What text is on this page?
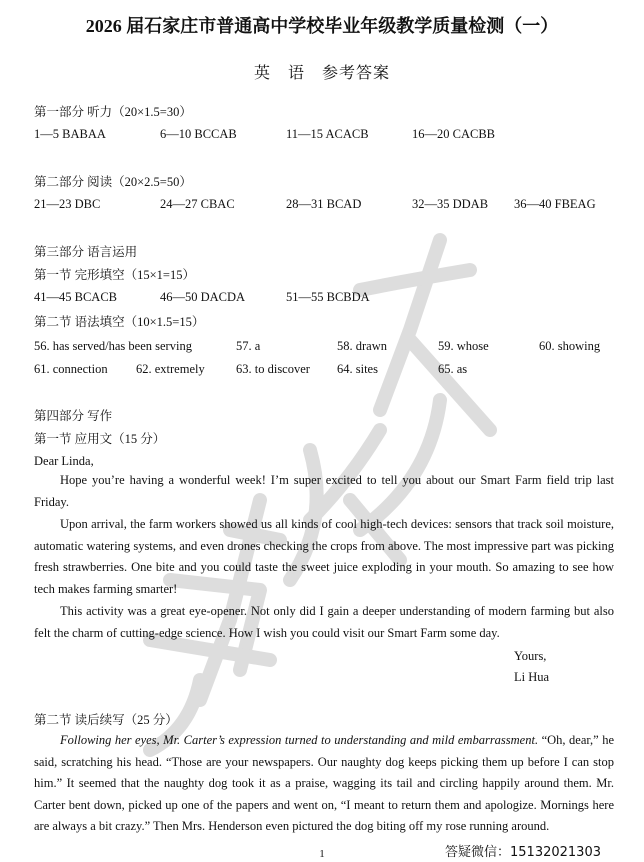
2026 届石家庄市普通高中学校毕业年级教学质量检测（一）
英　语　参考答案
第一部分 听力（20×1.5=30）
1—5 BABAA	6—10 BCCAB	11—15 ACACB	16—20 CACBB
第二部分 阅读（20×2.5=50）
21—23 DBC	24—27 CBAC	28—31 BCAD	32—35 DDAB 36—40 FBEAG
第三部分 语言运用
第一节 完形填空（15×1=15）
41—45 BCACB	46—50 DACDA	51—55 BCBDA
第二节 语法填空（10×1.5=15）
56. has served/has been serving	57. a	58. drawn	59. whose	60. showing
61. connection 62. extremely	63. to discover 64. sites	65. as
第四部分 写作
第一节 应用文（15 分）
Dear Linda,
Hope you’re having a wonderful week! I’m super excited to tell you about our Smart Farm field trip last Friday.
Upon arrival, the farm workers showed us all kinds of cool high-tech devices: sensors that track soil moisture, automatic watering systems, and even drones checking the crops from above. The most impressive part was picking fresh strawberries. One bite and you could taste the sweet juice exploding in your mouth. So amazing to see how tech makes farming smarter!
This activity was a great eye-opener. Not only did I gain a deeper understanding of modern farming but also felt the charm of cutting-edge science. How I wish you could visit our Smart Farm some day.
Yours,
Li Hua
第二节 读后续写（25 分）
Following her eyes, Mr. Carter’s expression turned to understanding and mild embarrassment. “Oh, dear,” he said, scratching his head. “Those are your newspapers. Our naughty dog keeps picking them up before I can stop him.” It seemed that the naughty dog took it as a praise, wagging its tail and circling happily around them. Mr. Carter bent down, picked up one of the papers and went on, “I meant to return them and apologize. Mornings here are always a bit crazy.” Then Mrs. Henderson even pictured the dog biting off my rose running around.
1	答疑微信：15132021303
